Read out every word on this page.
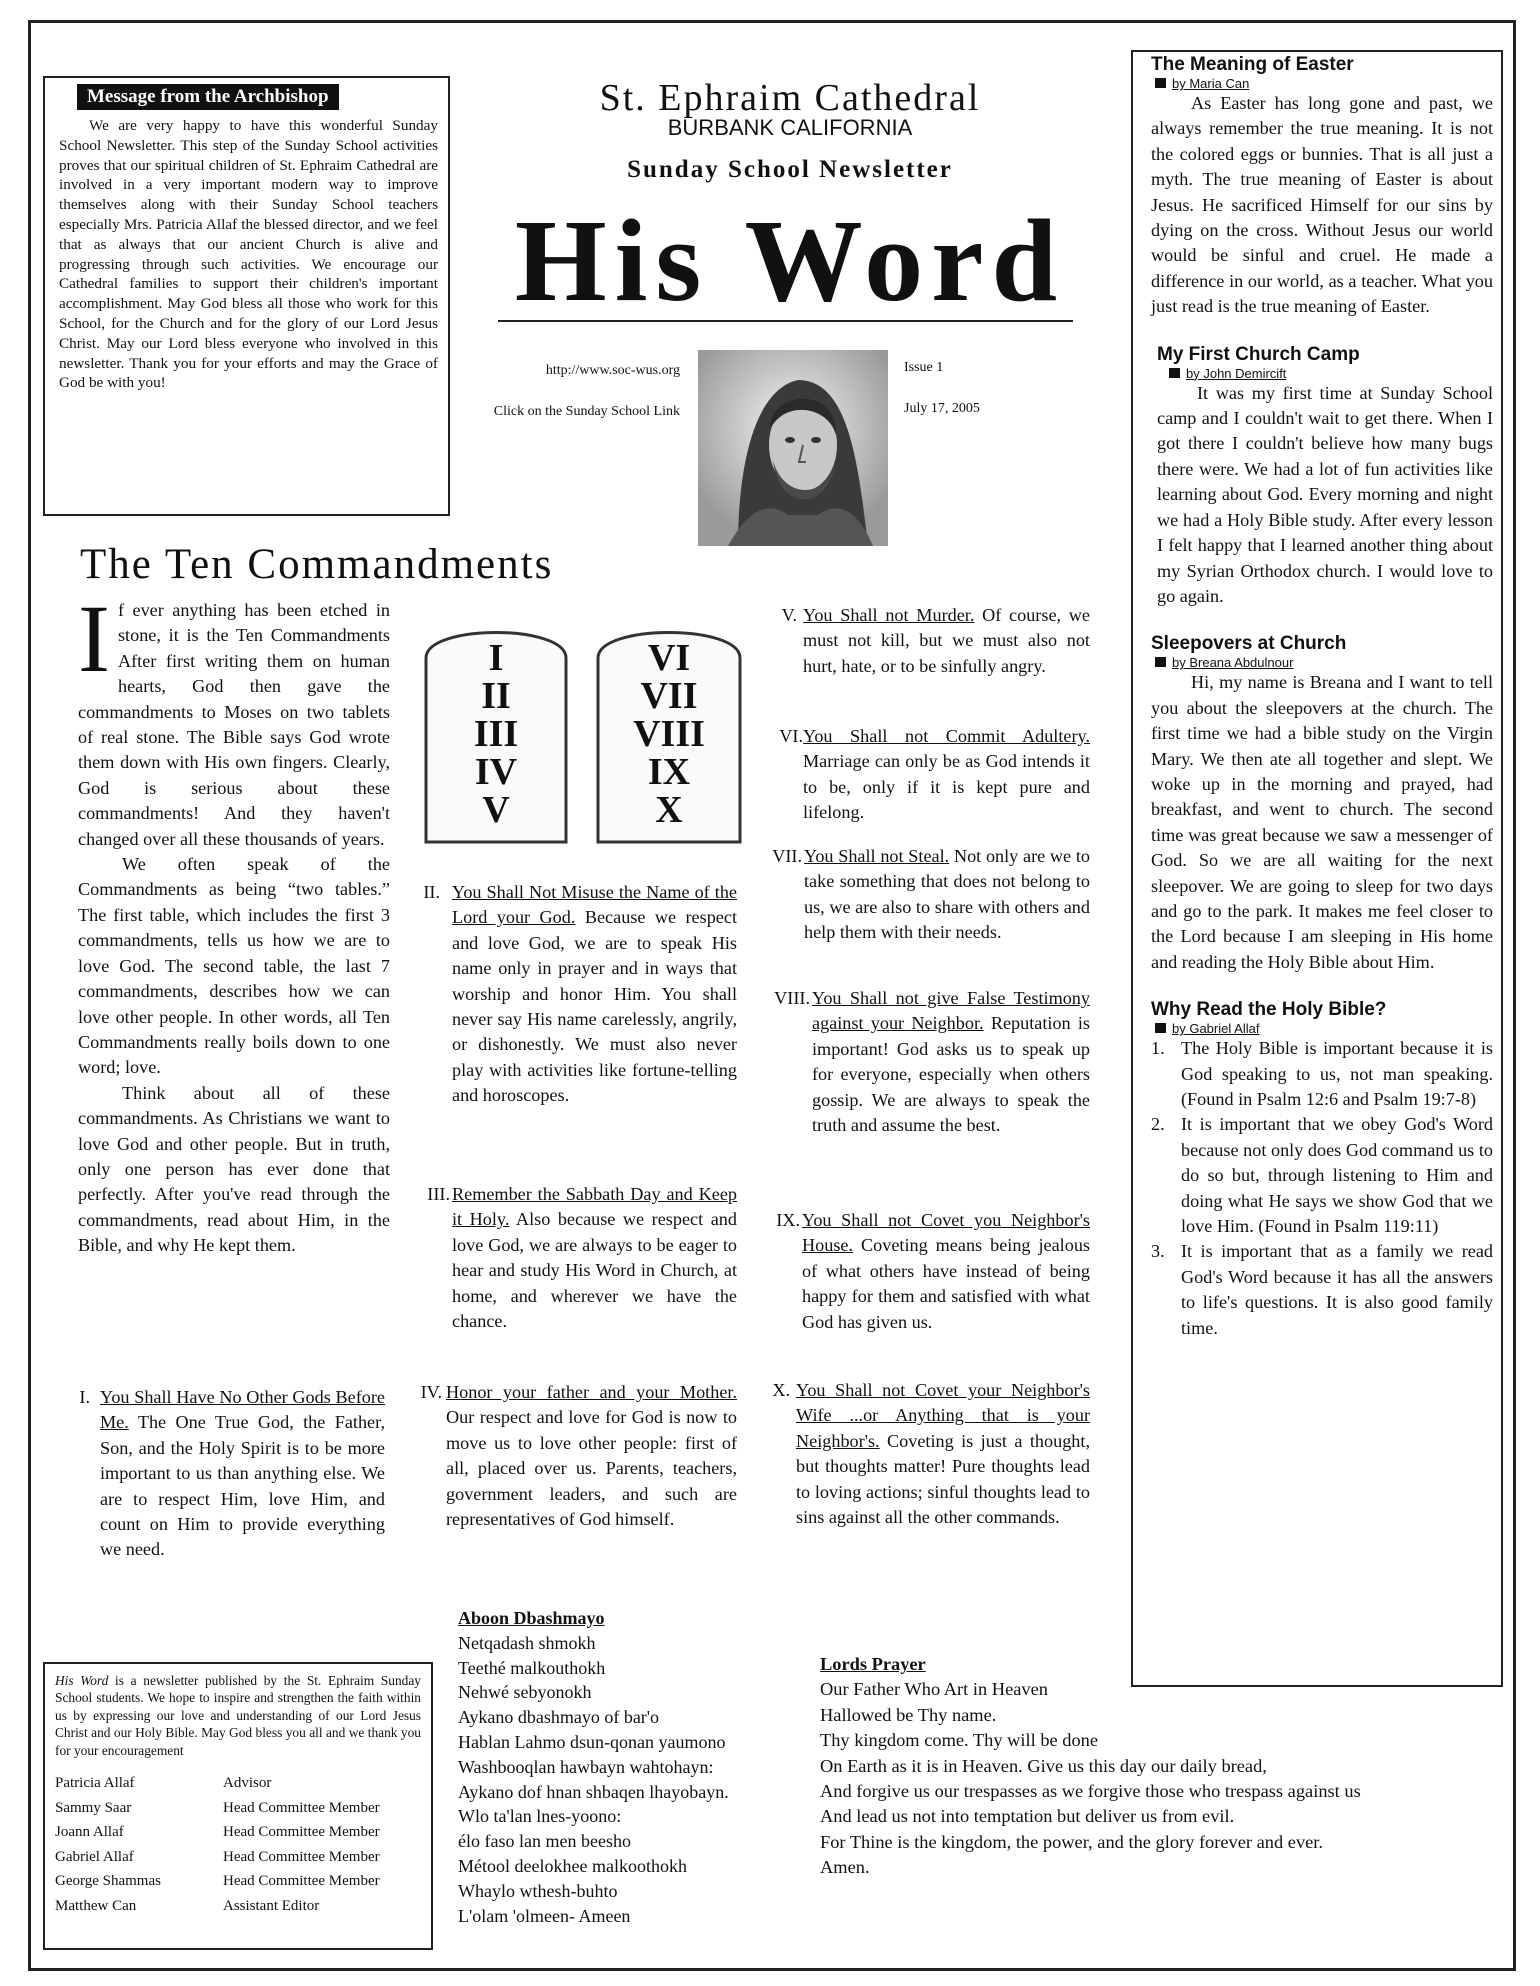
Message from the Archbishop

We are very happy to have this wonderful Sunday School Newsletter. This step of the Sunday School activities proves that our spiritual children of St. Ephraim Cathedral are involved in a very important modern way to improve themselves along with their Sunday School teachers especially Mrs. Patricia Allaf the blessed director, and we feel that as always that our ancient Church is alive and progressing through such activities. We encourage our Cathedral families to support their children's important accomplishment. May God bless all those who work for this School, for the Church and for the glory of our Lord Jesus Christ. May our Lord bless everyone who involved in this newsletter. Thank you for your efforts and may the Grace of God be with you!

St. Ephraim Cathedral
BURBANK CALIFORNIA
Sunday School Newsletter
His Word
http://www.soc-wus.org
Click on the Sunday School Link
Issue 1
July 17, 2005
The Ten Commandments

If ever anything has been etched in stone, it is the Ten Commandments After first writing them on human hearts, God then gave the commandments to Moses on two tablets of real stone. The Bible says God wrote them down with His own fingers. Clearly, God is serious about these commandments! And they haven't changed over all these thousands of years.

We often speak of the Commandments as being “two tables.” The first table, which includes the first 3 commandments, tells us how we are to love God. The second table, the last 7 commandments, describes how we can love other people. In other words, all Ten Commandments really boils down to one word; love.

Think about all of these commandments. As Christians we want to love God and other people. But in truth, only one person has ever done that perfectly. After you've read through the commandments, read about Him, in the Bible, and why He kept them.

I
II
III
IV
V
VI
VII
VIII
IX
X
I. You Shall Have No Other Gods Before Me. The One True God, the Father, Son, and the Holy Spirit is to be more important to us than anything else. We are to respect Him, love Him, and count on Him to provide everything we need.

II. You Shall Not Misuse the Name of the Lord your God. Because we respect and love God, we are to speak His name only in prayer and in ways that worship and honor Him. You shall never say His name carelessly, angrily, or dishonestly. We must also never play with activities like fortune-telling and horoscopes.

III. Remember the Sabbath Day and Keep it Holy. Also because we respect and love God, we are always to be eager to hear and study His Word in Church, at home, and wherever we have the chance.

IV. Honor your father and your Mother. Our respect and love for God is now to move us to love other people: first of all, placed over us. Parents, teachers, government leaders, and such are representatives of God himself.

V. You Shall not Murder. Of course, we must not kill, but we must also not hurt, hate, or to be sinfully angry.

VI. You Shall not Commit Adultery. Marriage can only be as God intends it to be, only if it is kept pure and lifelong.

VII. You Shall not Steal. Not only are we to take something that does not belong to us, we are also to share with others and help them with their needs.

VIII. You Shall not give False Testimony against your Neighbor. Reputation is important! God asks us to speak up for everyone, especially when others gossip. We are always to speak the truth and assume the best.

IX. You Shall not Covet you Neighbor's House. Coveting means being jealous of what others have instead of being happy for them and satisfied with what God has given us.

X. You Shall not Covet your Neighbor's Wife ...or Anything that is your Neighbor's. Coveting is just a thought, but thoughts matter! Pure thoughts lead to loving actions; sinful thoughts lead to sins against all the other commands.

The Meaning of Easter
by Maria Can

As Easter has long gone and past, we always remember the true meaning. It is not the colored eggs or bunnies. That is all just a myth. The true meaning of Easter is about Jesus. He sacrificed Himself for our sins by dying on the cross. Without Jesus our world would be sinful and cruel. He made a difference in our world, as a teacher. What you just read is the true meaning of Easter.

My First Church Camp
by John Demircift

It was my first time at Sunday School camp and I couldn't wait to get there. When I got there I couldn't believe how many bugs there were. We had a lot of fun activities like learning about God. Every morning and night we had a Holy Bible study. After every lesson I felt happy that I learned another thing about my Syrian Orthodox church. I would love to go again.

Sleepovers at Church
by Breana Abdulnour

Hi, my name is Breana and I want to tell you about the sleepovers at the church. The first time we had a bible study on the Virgin Mary. We then ate all together and slept. We woke up in the morning and prayed, had breakfast, and went to church. The second time was great because we saw a messenger of God. So we are all waiting for the next sleepover. We are going to sleep for two days and go to the park. It makes me feel closer to the Lord because I am sleeping in His home and reading the Holy Bible about Him.

Why Read the Holy Bible?
by Gabriel Allaf
1. The Holy Bible is important because it is God speaking to us, not man speaking. (Found in Psalm 12:6 and Psalm 19:7-8)
2. It is important that we obey God's Word because not only does God command us to do so but, through listening to Him and doing what He says we show God that we love Him. (Found in Psalm 119:11)
3. It is important that as a family we read God's Word because it has all the answers to life's questions. It is also good family time.

His Word is a newsletter published by the St. Ephraim Sunday School students. We hope to inspire and strengthen the faith within us by expressing our love and understanding of our Lord Jesus Christ and our Holy Bible. May God bless you all and we thank you for your encouragement

Patricia Allaf	Advisor
Sammy Saar	Head Committee Member
Joann Allaf	Head Committee Member
Gabriel Allaf	Head Committee Member
George Shammas	Head Committee Member
Matthew Can	Assistant Editor
Aboon Dbashmayo
Netqadash shmokh
Teethé malkouthokh
Nehwé sebyonokh
Aykano dbashmayo of bar'o
Hablan Lahmo dsun-qonan yaumono
Washbooqlan hawbayn wahtohayn:
Aykano dof hnan shbaqen lhayobayn.
Wlo ta'lan lnes-yoono:
élo faso lan men beesho
Métool deelokhee malkoothokh
Whaylo wthesh-buhto
L'olam 'olmeen- Ameen
Lords Prayer
Our Father Who Art in Heaven
Hallowed be Thy name.
Thy kingdom come. Thy will be done
On Earth as it is in Heaven. Give us this day our daily bread,
And forgive us our trespasses as we forgive those who trespass against us
And lead us not into temptation but deliver us from evil.
For Thine is the kingdom, the power, and the glory forever and ever.
Amen.
